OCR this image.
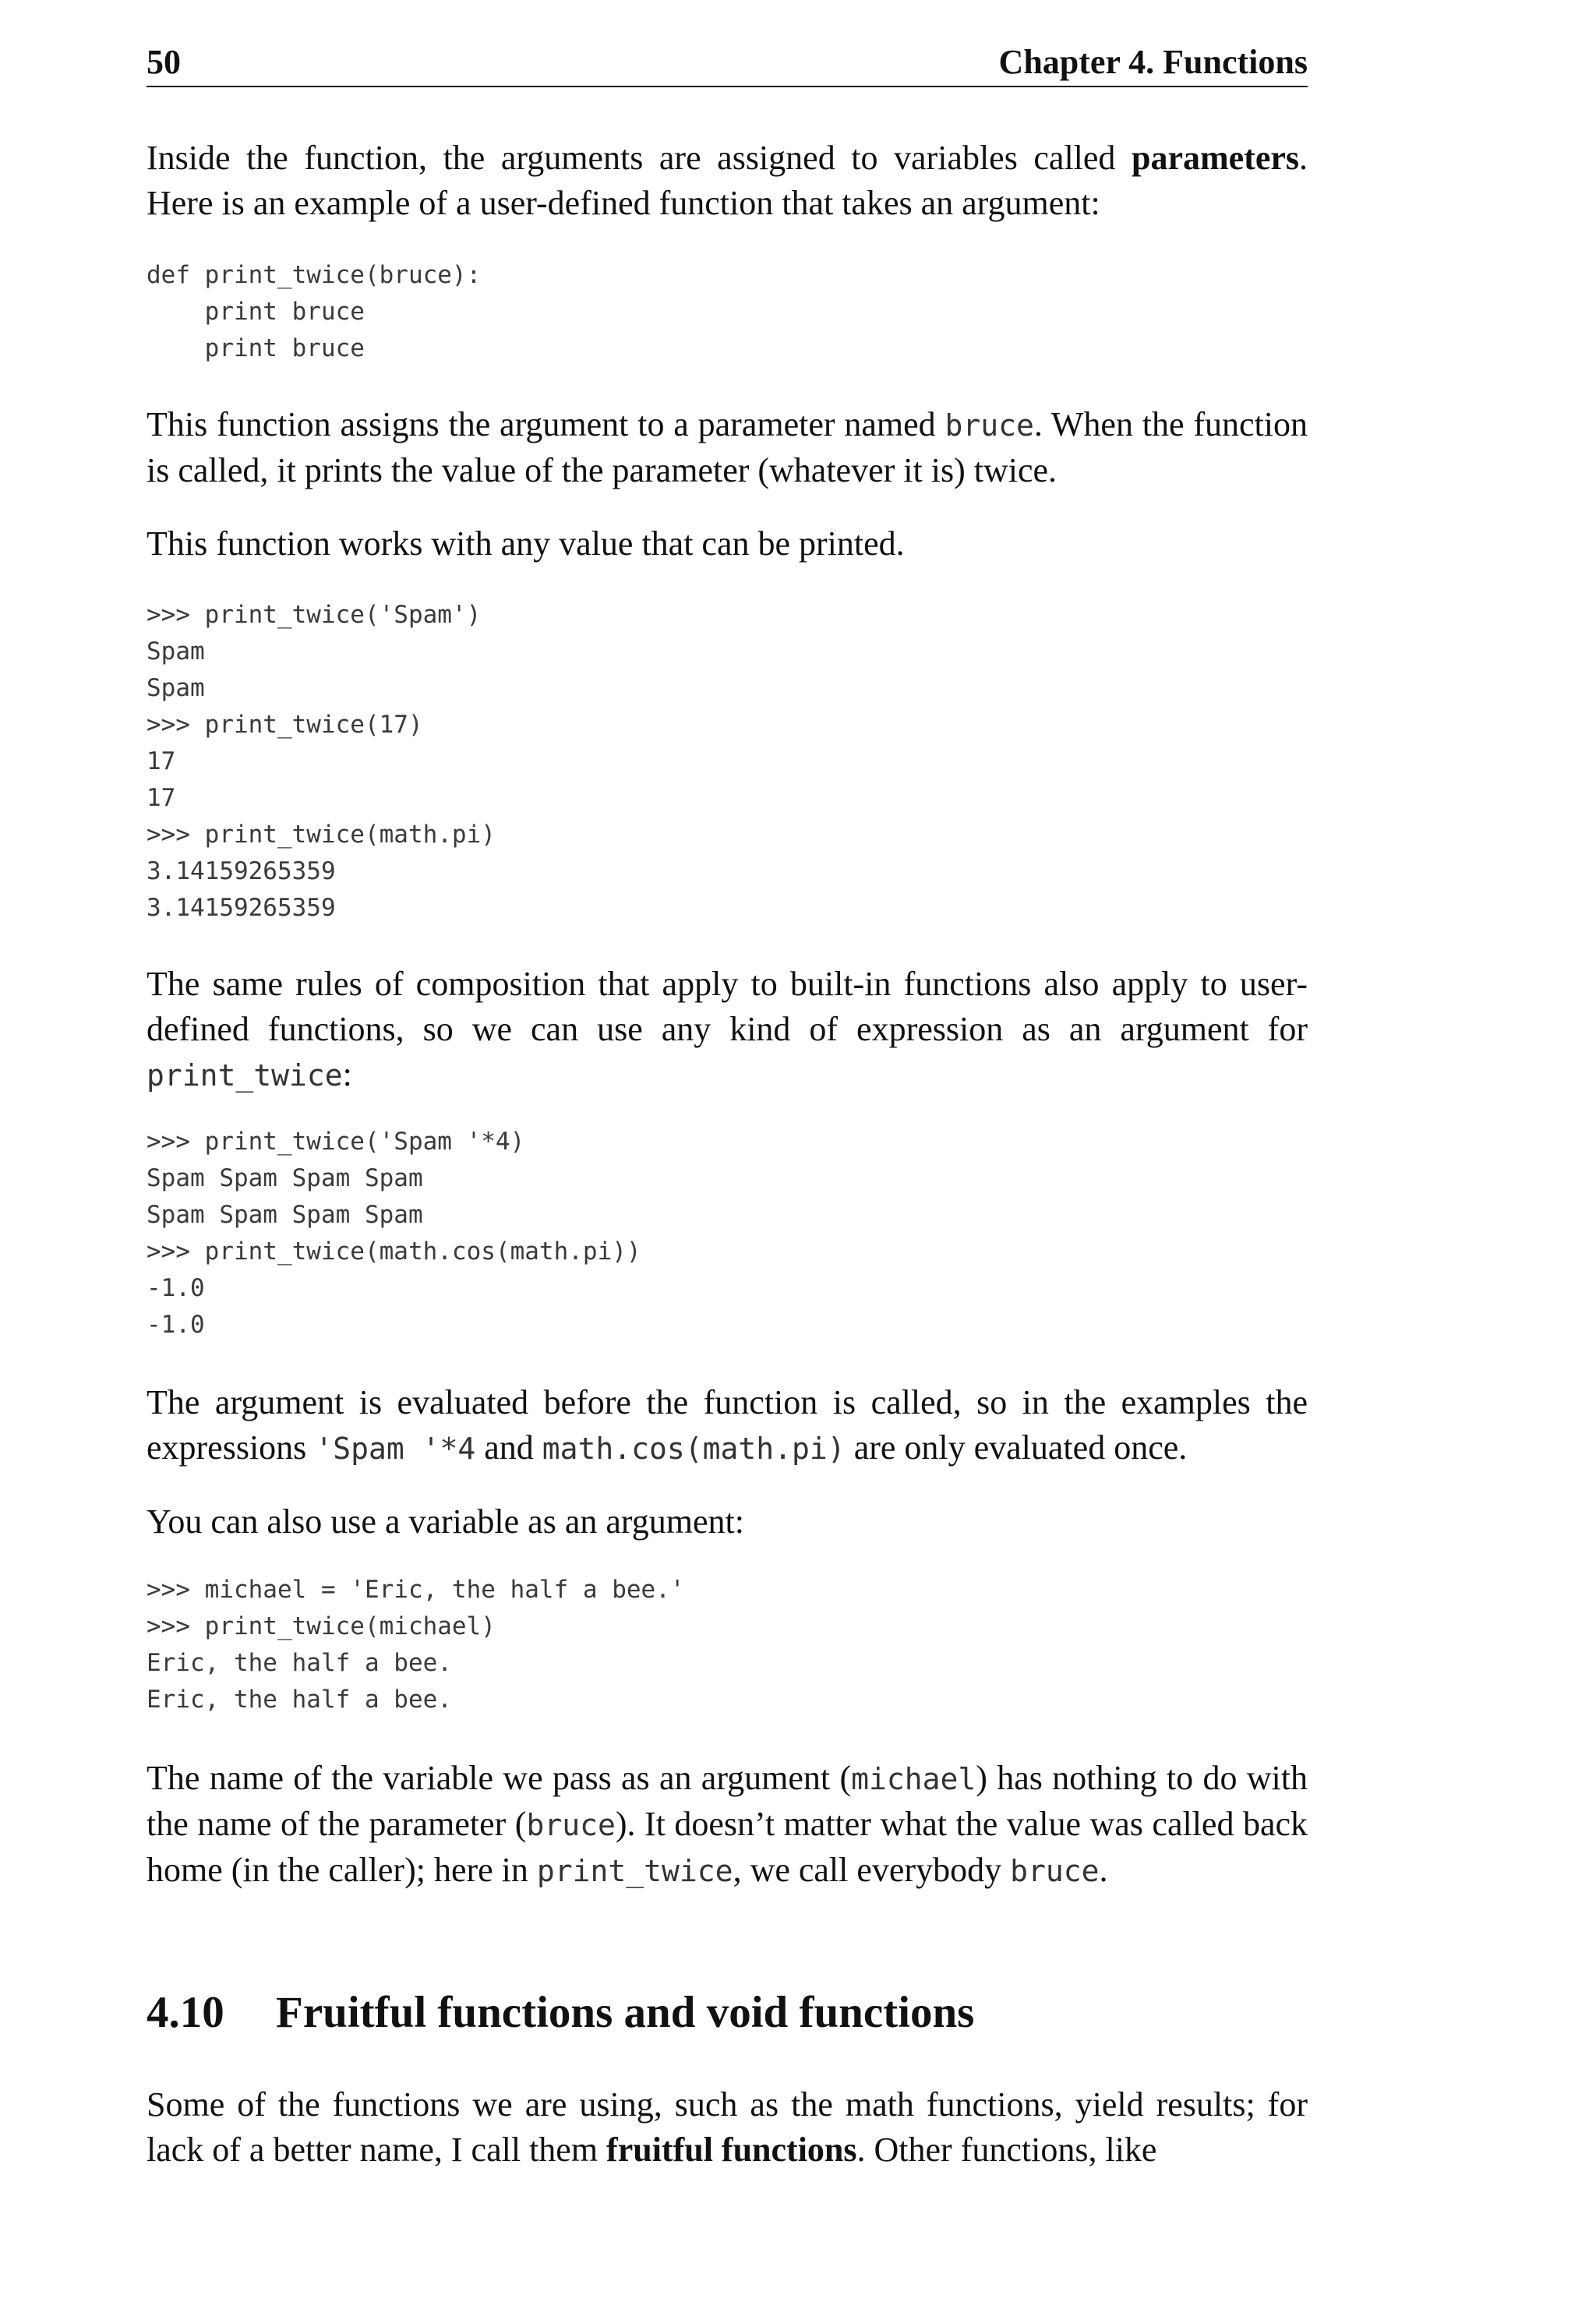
50	Chapter 4. Functions

Inside the function, the arguments are assigned to variables called parameters. Here is an example of a user-defined function that takes an argument:

def print_twice(bruce):
print bruce
print bruce

This function assigns the argument to a parameter named bruce. When the function is called, it prints the value of the parameter (whatever it is) twice.

This function works with any value that can be printed.

>>> print_twice('Spam')
Spam
Spam
>>> print_twice(17)
17
17
>>> print_twice(math.pi)
3.14159265359
3.14159265359

The same rules of composition that apply to built-in functions also apply to user-defined functions, so we can use any kind of expression as an argument for print_twice:

>>> print_twice('Spam '*4)
Spam Spam Spam Spam
Spam Spam Spam Spam
>>> print_twice(math.cos(math.pi))
-1.0
-1.0

The argument is evaluated before the function is called, so in the examples the expressions 'Spam '*4 and math.cos(math.pi) are only evaluated once.

You can also use a variable as an argument:

>>> michael = 'Eric, the half a bee.'
>>> print_twice(michael)
Eric, the half a bee.
Eric, the half a bee.

The name of the variable we pass as an argument (michael) has nothing to do with the name of the parameter (bruce). It doesn’t matter what the value was called back home (in the caller); here in print_twice, we call everybody bruce.

4.10 Fruitful functions and void functions

Some of the functions we are using, such as the math functions, yield results; for lack of a better name, I call them fruitful functions. Other functions, like
